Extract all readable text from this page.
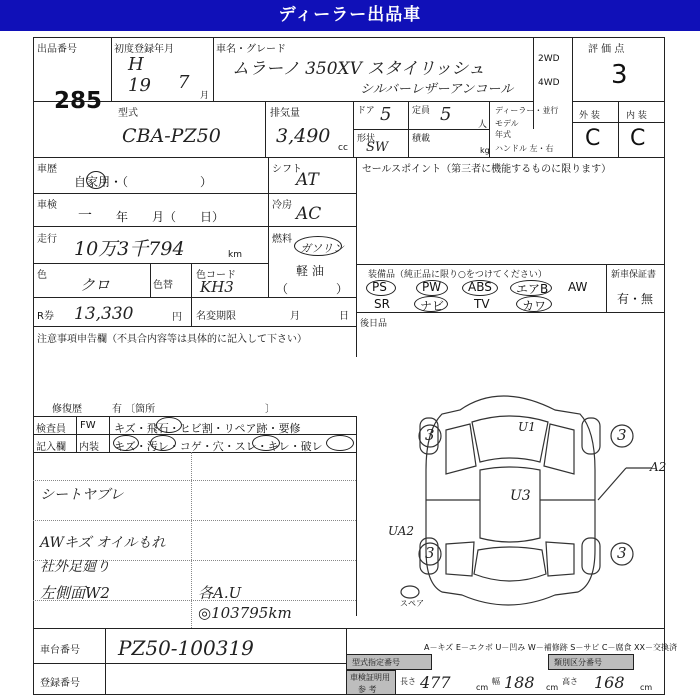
ディーラー出品車
出品番号
285
初度登録年月
H
19 7
月
車名・グレード
ムラーノ 350XV スタイリッシュ
シルバーレザーアンコール
2WD
4WD
評 価 点
3
型式
CBA-PZ50
排気量
3,490
cc
ドア 5 定員 5	人
形状
SW
積載
kg
ディーラー・並行
モデル
年式
ハンドル 左・右
外 装	内 装
C C
車歴
自家用・（　　　　　　）
シフト
AT
車検
一 年　　月（　　日）
冷房 AC
走行 10万3千794	km
燃料
ガソリン
軽 油
（　　　　）
色
クロ	色替
色コード
KH3
R券 13,330	円 名変期限	月	日
セールスポイント（第三者に機能するものに限ります）
装備品（純正品に限り○をつけてください）	新車保証書
有・無
PS	PW ABS エアB AW
SR	ナビ TV	カワ
後日品
注意事項申告欄（不具合内容等は具体的に記入して下さい）
修復歴	有 〔箇所　　　　　　　　　　　〕
検査員
記入欄
FW
内装
キズ・飛石・ヒビ割・リペア跡・要修
キズ・汚レ・コゲ・穴・スレ・キレ・破レ
シートヤブレ
AWキズ オイルもれ
社外足廻り
左側面W2	各A.U
◎103795km
3	3
3	3
U1
U3
A2
UA2
スペア
A－キズ E－エクボ U－凹み W－補修跡 S－サビ C－腐食 XX－交換済
車台番号 PZ50-100319
登録番号
型式指定番号	類別区分番号
車検証明用
参 考
長さ 477	cm
幅 188 cm
高さ 168 cm
